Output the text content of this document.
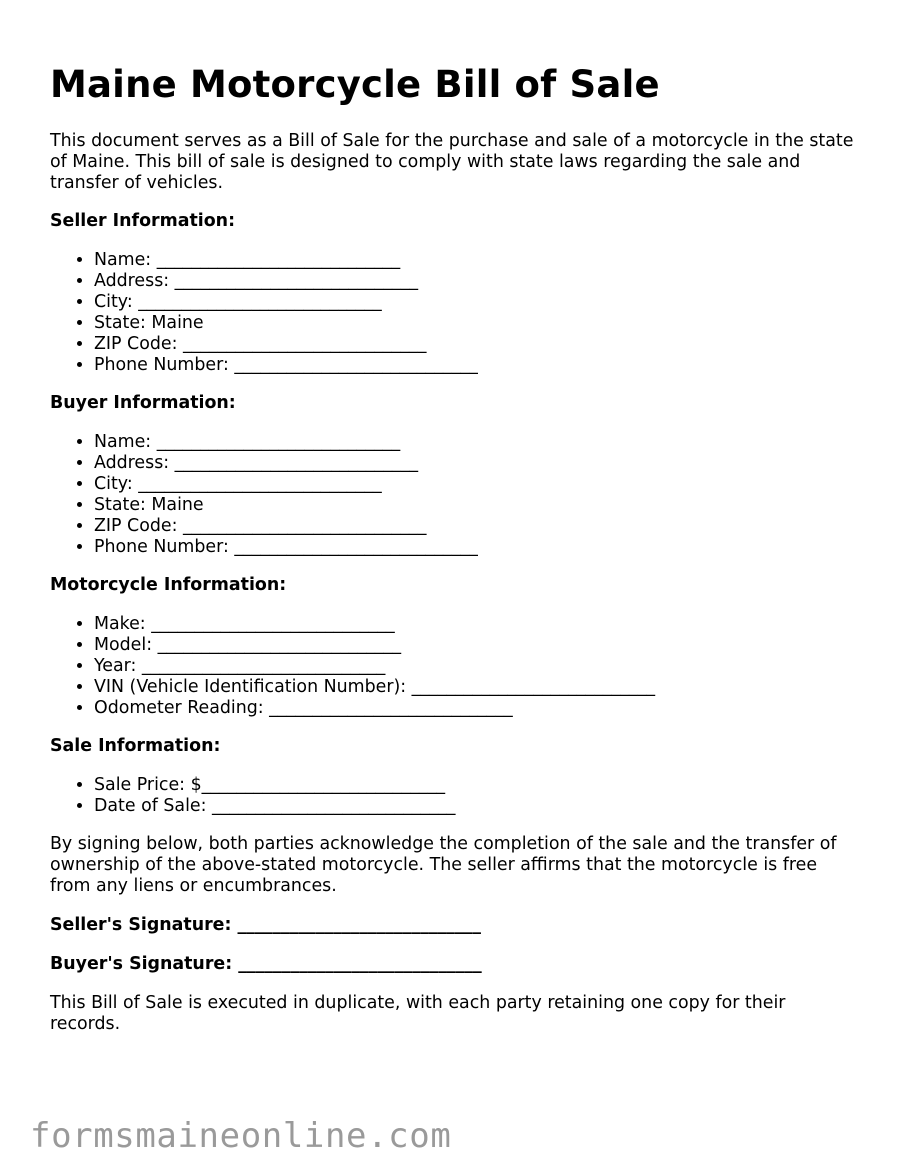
Maine Motorcycle Bill of Sale

This document serves as a Bill of Sale for the purchase and sale of a motorcycle in the state of Maine. This bill of sale is designed to comply with state laws regarding the sale and transfer of vehicles.

Seller Information:
• Name: ____________________________
• Address: ____________________________
• City: ____________________________
• State: Maine
• ZIP Code: ____________________________
• Phone Number: ____________________________
Buyer Information:
• Name: ____________________________
• Address: ____________________________
• City: ____________________________
• State: Maine
• ZIP Code: ____________________________
• Phone Number: ____________________________
Motorcycle Information:
• Make: ____________________________
• Model: ____________________________
• Year: ____________________________
• VIN (Vehicle Identification Number): ____________________________
• Odometer Reading: ____________________________
Sale Information:
• Sale Price: $____________________________
• Date of Sale: ____________________________

By signing below, both parties acknowledge the completion of the sale and the transfer of ownership of the above-stated motorcycle. The seller affirms that the motorcycle is free from any liens or encumbrances.

Seller's Signature: ____________________________
Buyer's Signature: ____________________________

This Bill of Sale is executed in duplicate, with each party retaining one copy for their records.

formsmaineonline.com
